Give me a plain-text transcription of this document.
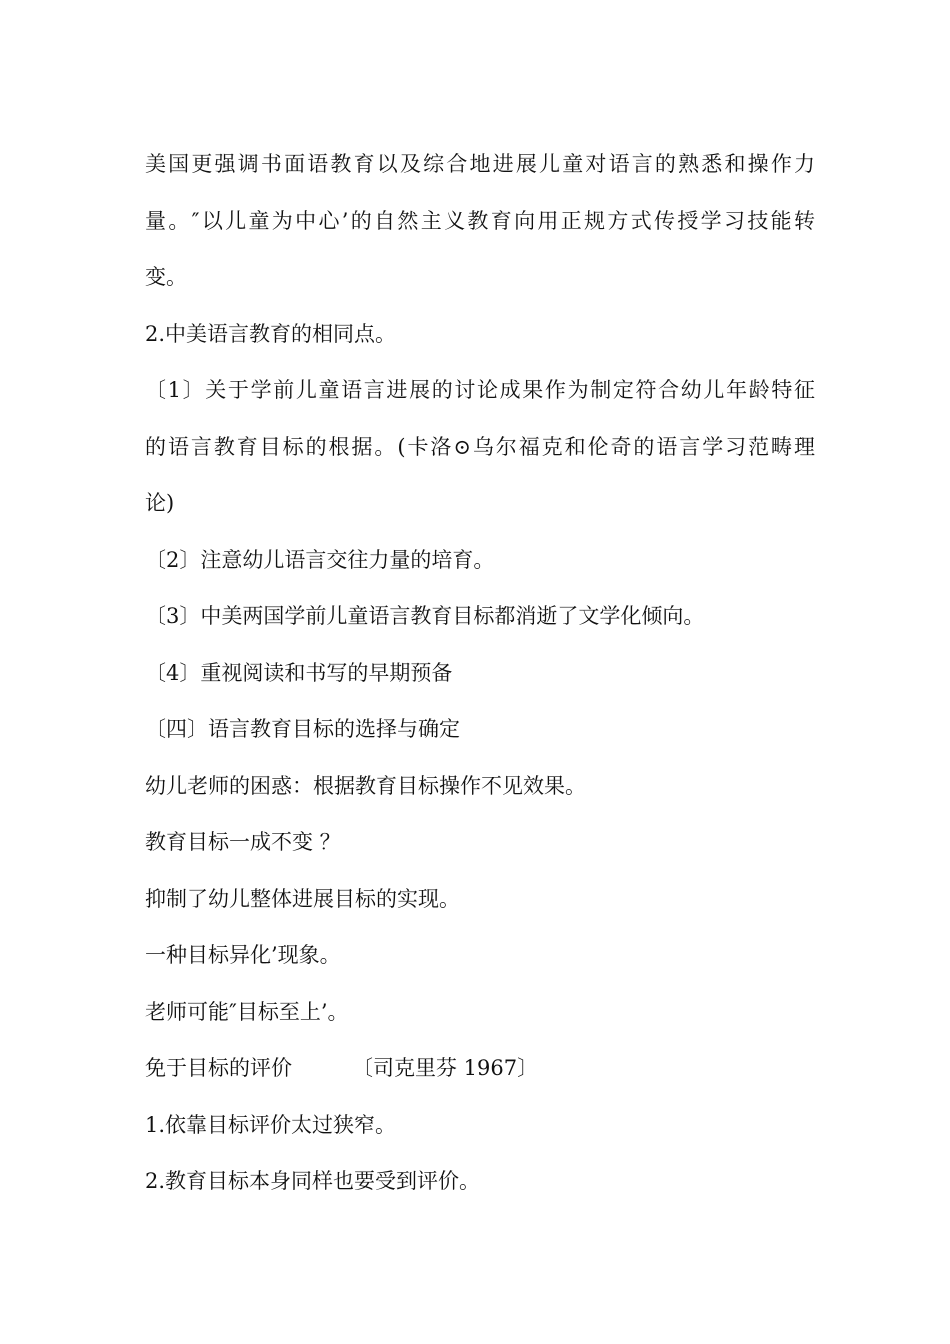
美国更强调书面语教育以及综合地进展儿童对语言的熟悉和操作力
量。″以儿童为中心’的自然主义教育向用正规方式传授学习技能转
变。

2.中美语言教育的相同点。

〔1〕关于学前儿童语言进展的讨论成果作为制定符合幼儿年龄特征
的语言教育目标的根据。(卡洛⊙乌尔福克和伦奇的语言学习范畴理
论)

〔2〕注意幼儿语言交往力量的培育。

〔3〕中美两国学前儿童语言教育目标都消逝了文学化倾向。

〔4〕重视阅读和书写的早期预备

〔四〕语言教育目标的选择与确定

幼儿老师的困惑：根据教育目标操作不见效果。

教育目标一成不变 ？

抑制了幼儿整体进展目标的实现。

一种目标异化’现象。

老师可能″目标至上’。

免于目标的评价	〔司克里芬 1967〕

1.依靠目标评价太过狭窄。

2.教育目标本身同样也要受到评价。
